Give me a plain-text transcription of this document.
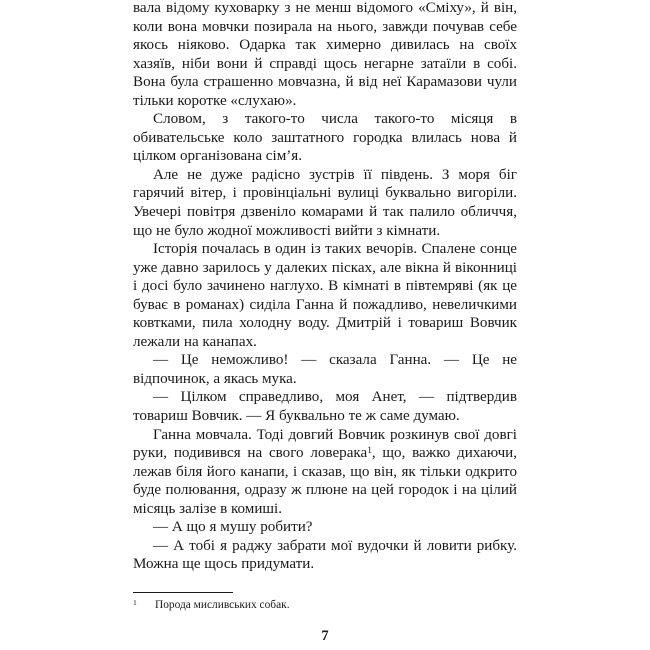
вала відому куховарку з не менш відомого «Сміху», й він, коли вона мовчки позирала на нього, завжди почував себе якось ніяково. Одарка так химерно дивилась на своїх хазяїв, ніби вони й справді щось негарне затаїли в собі. Вона була страшенно мовчазна, й від неї Карамазови чули тільки коротке «слухаю».

Словом, з такого-то числа такого-то місяця в обивательське коло заштатного городка влилась нова й цілком організована сім’я.

Але не дуже радісно зустрів її південь. З моря біг гарячий вітер, і провінціальні вулиці буквально вигоріли. Увечері повітря дзвеніло комарами й так палило обличчя, що не було жодної можливості вийти з кімнати.

Історія почалась в один із таких вечорів. Спалене сонце уже давно зарилось у далеких пісках, але вікна й віконниці і досі було зачинено наглухо. В кімнаті в півтемряві (як це буває в романах) сиділа Ганна й пожадливо, невеличкими ковтками, пила холодну воду. Дмитрій і товариш Вовчик лежали на канапах.

— Це неможливо! — сказала Ганна. — Це не відпочинок, а якась мука.

— Цілком справедливо, моя Анет, — підтвердив товариш Вовчик. — Я буквально те ж саме думаю.

Ганна мовчала. Тоді довгий Вовчик розкинув свої довгі руки, подивився на свого ловерака$^1$, що, важко дихаючи, лежав біля його канапи, і сказав, що він, як тільки одкрито буде полювання, одразу ж плюне на цей городок і на цілий місяць залізе в комиші.

— А що я мушу робити?

— А тобі я раджу забрати мої вудочки й ловити рибку. Можна ще щось придумати.

1	Порода мисливських собак.

7
